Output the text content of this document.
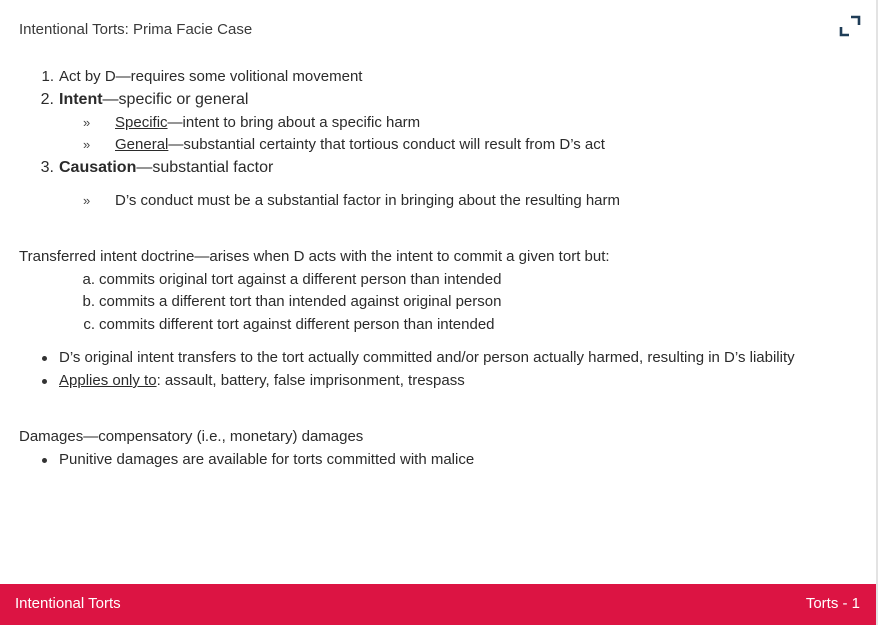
Intentional Torts: Prima Facie Case
1. Act by D—requires some volitional movement
2. Intent—specific or general
» Specific—intent to bring about a specific harm
» General—substantial certainty that tortious conduct will result from D’s act
3. Causation—substantial factor
» D’s conduct must be a substantial factor in bringing about the resulting harm
Transferred intent doctrine—arises when D acts with the intent to commit a given tort but:
a. commits original tort against a different person than intended
b. commits a different tort than intended against original person
c. commits different tort against different person than intended
D’s original intent transfers to the tort actually committed and/or person actually harmed, resulting in D’s liability
Applies only to: assault, battery, false imprisonment, trespass
Damages—compensatory (i.e., monetary) damages
Punitive damages are available for torts committed with malice
Intentional Torts	Torts - 1
